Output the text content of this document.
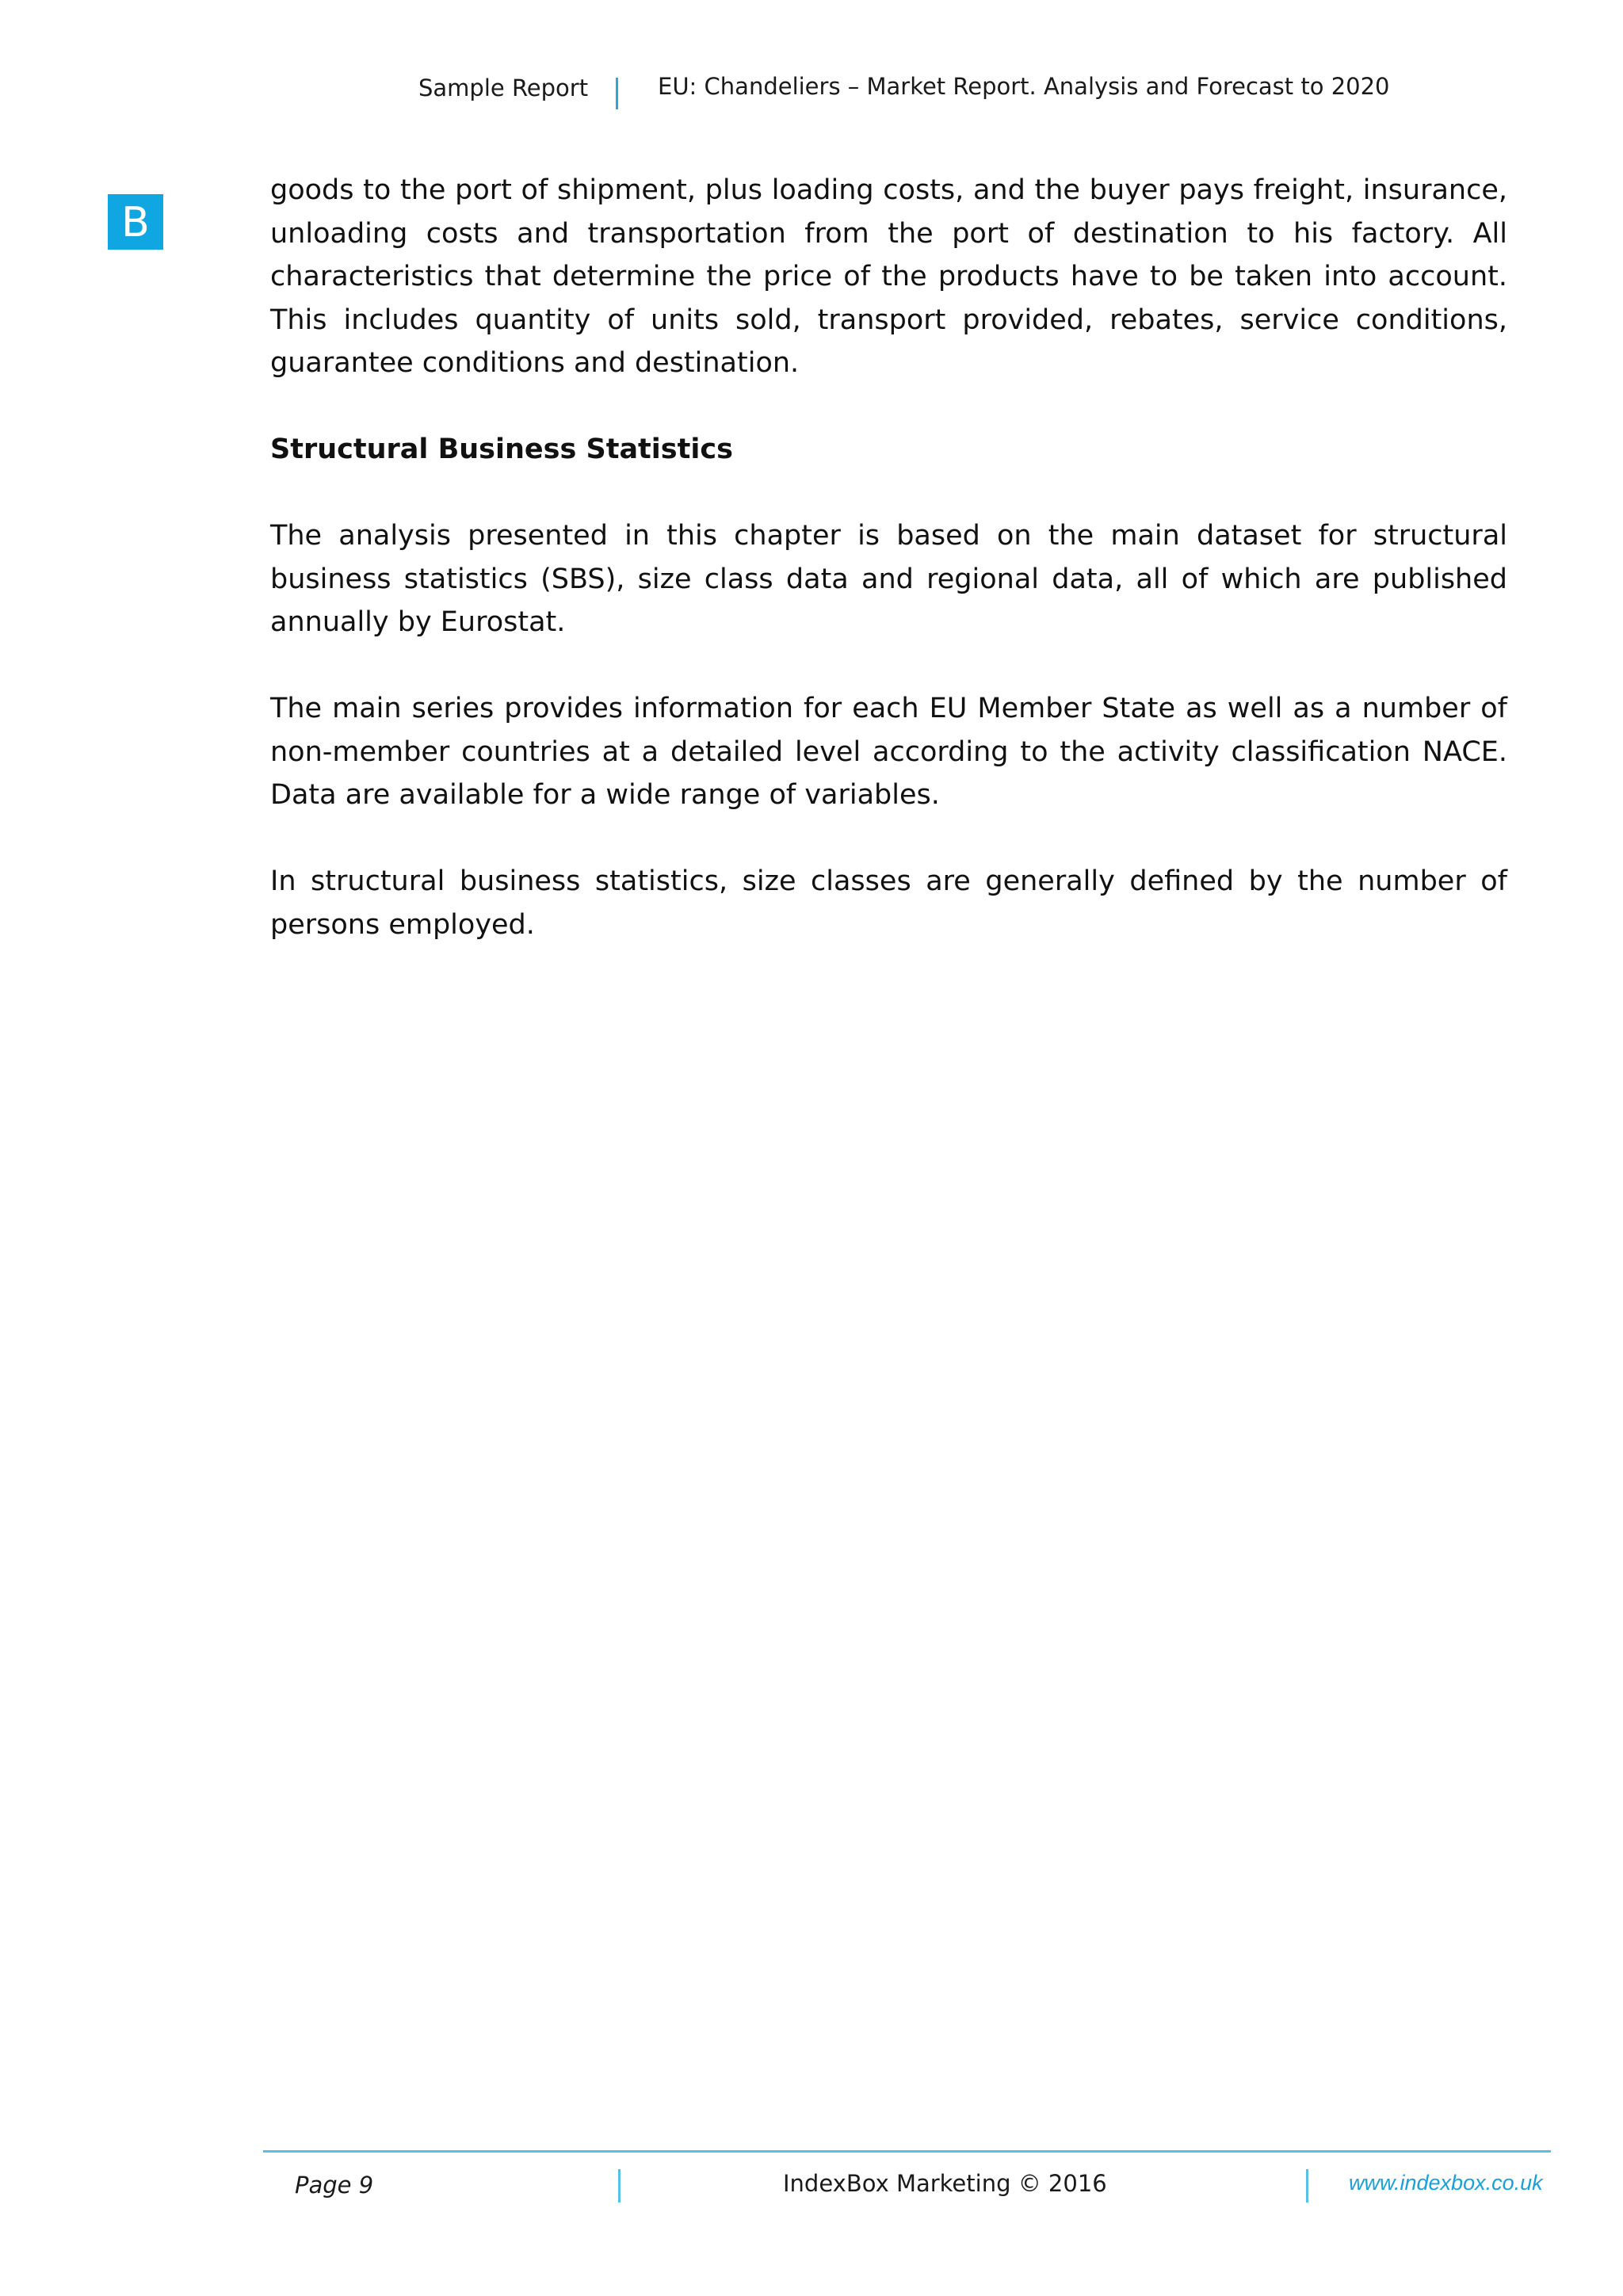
Sample Report	EU: Chandeliers – Market Report. Analysis and Forecast to 2020
B

goods to the port of shipment, plus loading costs, and the buyer pays freight, insurance, unloading costs and transportation from the port of destination to his factory. All characteristics that determine the price of the products have to be taken into account. This includes quantity of units sold, transport provided, rebates, service conditions, guarantee conditions and destination.

Structural Business Statistics

The analysis presented in this chapter is based on the main dataset for structural business statistics (SBS), size class data and regional data, all of which are published annually by Eurostat.

The main series provides information for each EU Member State as well as a number of non-member countries at a detailed level according to the activity classification NACE. Data are available for a wide range of variables.

In structural business statistics, size classes are generally defined by the number of persons employed.

Page 9	IndexBox Marketing © 2016	www.indexbox.co.uk
